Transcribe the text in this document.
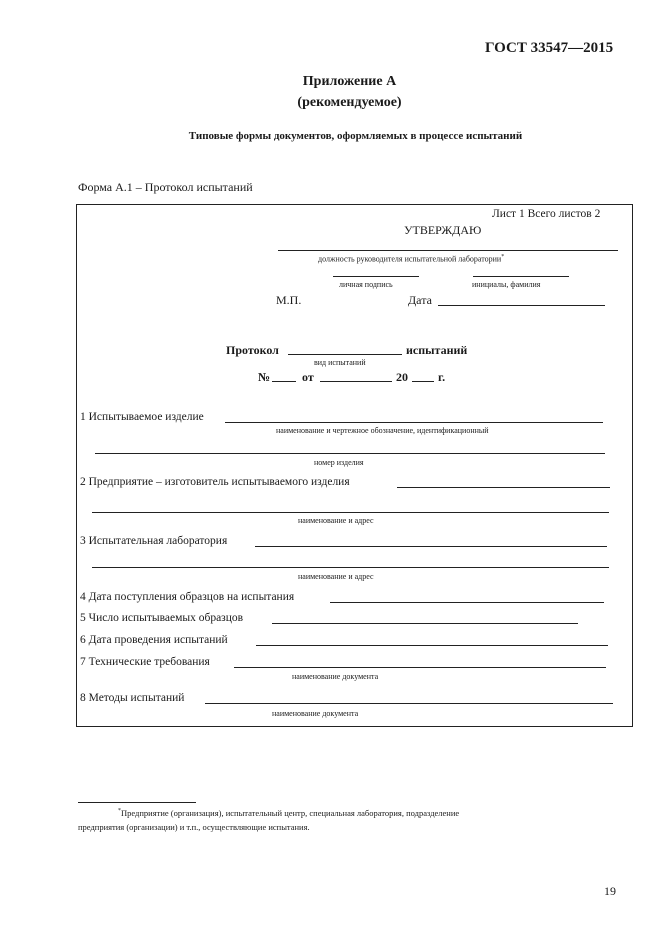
ГОСТ 33547—2015
Приложение А
(рекомендуемое)
Типовые формы документов, оформляемых в процессе испытаний
Форма А.1 – Протокол испытаний
Лист 1 Всего листов 2
УТВЕРЖДАЮ
должность руководителя испытательной лаборатории*
личная подпись	инициалы, фамилия
М.П.	Дата
Протокол	испытаний
вид испытаний
№	от	20	г.
1 Испытываемое изделие
наименование и чертежное обозначение, идентификационный
номер изделия
2 Предприятие – изготовитель испытываемого изделия
наименование и адрес
3 Испытательная лаборатория
наименование и адрес
4 Дата поступления образцов на испытания
5 Число испытываемых образцов
6 Дата проведения испытаний
7 Технические требования
наименование документа
8 Методы испытаний
наименование документа
*Предприятие (организация), испытательный центр, специальная лаборатория, подразделение
предприятия (организации) и т.п., осуществляющие испытания.
19
